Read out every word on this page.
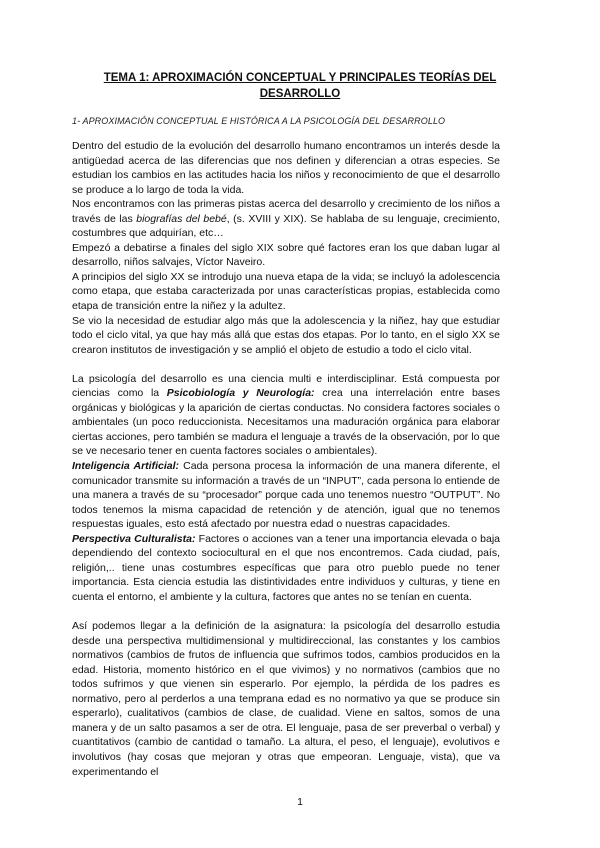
TEMA 1: APROXIMACIÓN CONCEPTUAL Y PRINCIPALES TEORÍAS DEL DESARROLLO
1- APROXIMACIÓN CONCEPTUAL E HISTÓRICA A LA PSICOLOGÍA DEL DESARROLLO

Dentro del estudio de la evolución del desarrollo humano encontramos un interés desde la antigüedad acerca de las diferencias que nos definen y diferencian a otras especies. Se estudian los cambios en las actitudes hacia los niños y reconocimiento de que el desarrollo se produce a lo largo de toda la vida.

Nos encontramos con las primeras pistas acerca del desarrollo y crecimiento de los niños a través de las biografías del bebé, (s. XVIII y XIX). Se hablaba de su lenguaje, crecimiento, costumbres que adquirían, etc…

Empezó a debatirse a finales del siglo XIX sobre qué factores eran los que daban lugar al desarrollo, niños salvajes, Víctor Naveiro.

A principios del siglo XX se introdujo una nueva etapa de la vida; se incluyó la adolescencia como etapa, que estaba caracterizada por unas características propias, establecida como etapa de transición entre la niñez y la adultez.

Se vio la necesidad de estudiar algo más que la adolescencia y la niñez, hay que estudiar todo el ciclo vital, ya que hay más allá que estas dos etapas. Por lo tanto, en el siglo XX se crearon institutos de investigación y se amplió el objeto de estudio a todo el ciclo vital.

La psicología del desarrollo es una ciencia multi e interdisciplinar. Está compuesta por ciencias como la Psicobiología y Neurología: crea una interrelación entre bases orgánicas y biológicas y la aparición de ciertas conductas. No considera factores sociales o ambientales (un poco reduccionista. Necesitamos una maduración orgánica para elaborar ciertas acciones, pero también se madura el lenguaje a través de la observación, por lo que se ve necesario tener en cuenta factores sociales o ambientales).

Inteligencia Artificial: Cada persona procesa la información de una manera diferente, el comunicador transmite su información a través de un “INPUT”, cada persona lo entiende de una manera a través de su “procesador” porque cada uno tenemos nuestro “OUTPUT”. No todos tenemos la misma capacidad de retención y de atención, igual que no tenemos respuestas iguales, esto está afectado por nuestra edad o nuestras capacidades.

Perspectiva Culturalista: Factores o acciones van a tener una importancia elevada o baja dependiendo del contexto sociocultural en el que nos encontremos. Cada ciudad, país, religión,.. tiene unas costumbres específicas que para otro pueblo puede no tener importancia. Esta ciencia estudia las distintividades entre individuos y culturas, y tiene en cuenta el entorno, el ambiente y la cultura, factores que antes no se tenían en cuenta.

Así podemos llegar a la definición de la asignatura: la psicología del desarrollo estudia desde una perspectiva multidimensional y multidireccional, las constantes y los cambios normativos (cambios de frutos de influencia que sufrimos todos, cambios producidos en la edad. Historia, momento histórico en el que vivimos) y no normativos (cambios que no todos sufrimos y que vienen sin esperarlo. Por ejemplo, la pérdida de los padres es normativo, pero al perderlos a una temprana edad es no normativo ya que se produce sin esperarlo), cualitativos (cambios de clase, de cualidad. Viene en saltos, somos de una manera y de un salto pasamos a ser de otra. El lenguaje, pasa de ser preverbal o verbal) y cuantitativos (cambio de cantidad o tamaño. La altura, el peso, el lenguaje), evolutivos e involutivos (hay cosas que mejoran y otras que empeoran. Lenguaje, vista), que va experimentando el

1
